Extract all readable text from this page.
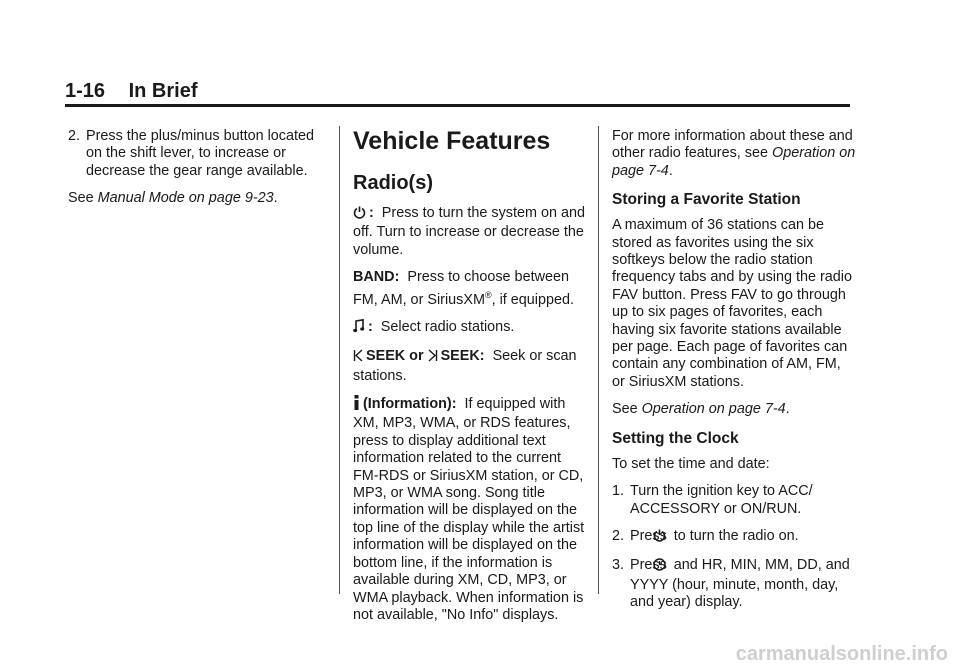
1-16 In Brief

2. Press the plus/minus button located on the shift lever, to increase or decrease the gear range available.

See Manual Mode on page 9-23.

Vehicle Features
Radio(s)

: Press to turn the system on and off. Turn to increase or decrease the volume.

BAND: Press to choose between FM, AM, or SiriusXM®, if equipped.

: Select radio stations.

SEEK or SEEK: Seek or scan stations.

(Information): If equipped with XM, MP3, WMA, or RDS features, press to display additional text information related to the current FM-RDS or SiriusXM station, or CD, MP3, or WMA song. Song title information will be displayed on the top line of the display while the artist information will be displayed on the bottom line, if the information is available during XM, CD, MP3, or WMA playback. When information is not available, "No Info" displays.

For more information about these and other radio features, see Operation on page 7-4.

Storing a Favorite Station

A maximum of 36 stations can be stored as favorites using the six softkeys below the radio station frequency tabs and by using the radio FAV button. Press FAV to go through up to six pages of favorites, each having six favorite stations available per page. Each page of favorites can contain any combination of AM, FM, or SiriusXM stations.

See Operation on page 7-4.

Setting the Clock

To set the time and date:

1. Turn the ignition key to ACC/ ACCESSORY or ON/RUN.

2. Press to turn the radio on.

3. Press and HR, MIN, MM, DD, and YYYY (hour, minute, month, day, and year) display.

carmanualsonline.info
